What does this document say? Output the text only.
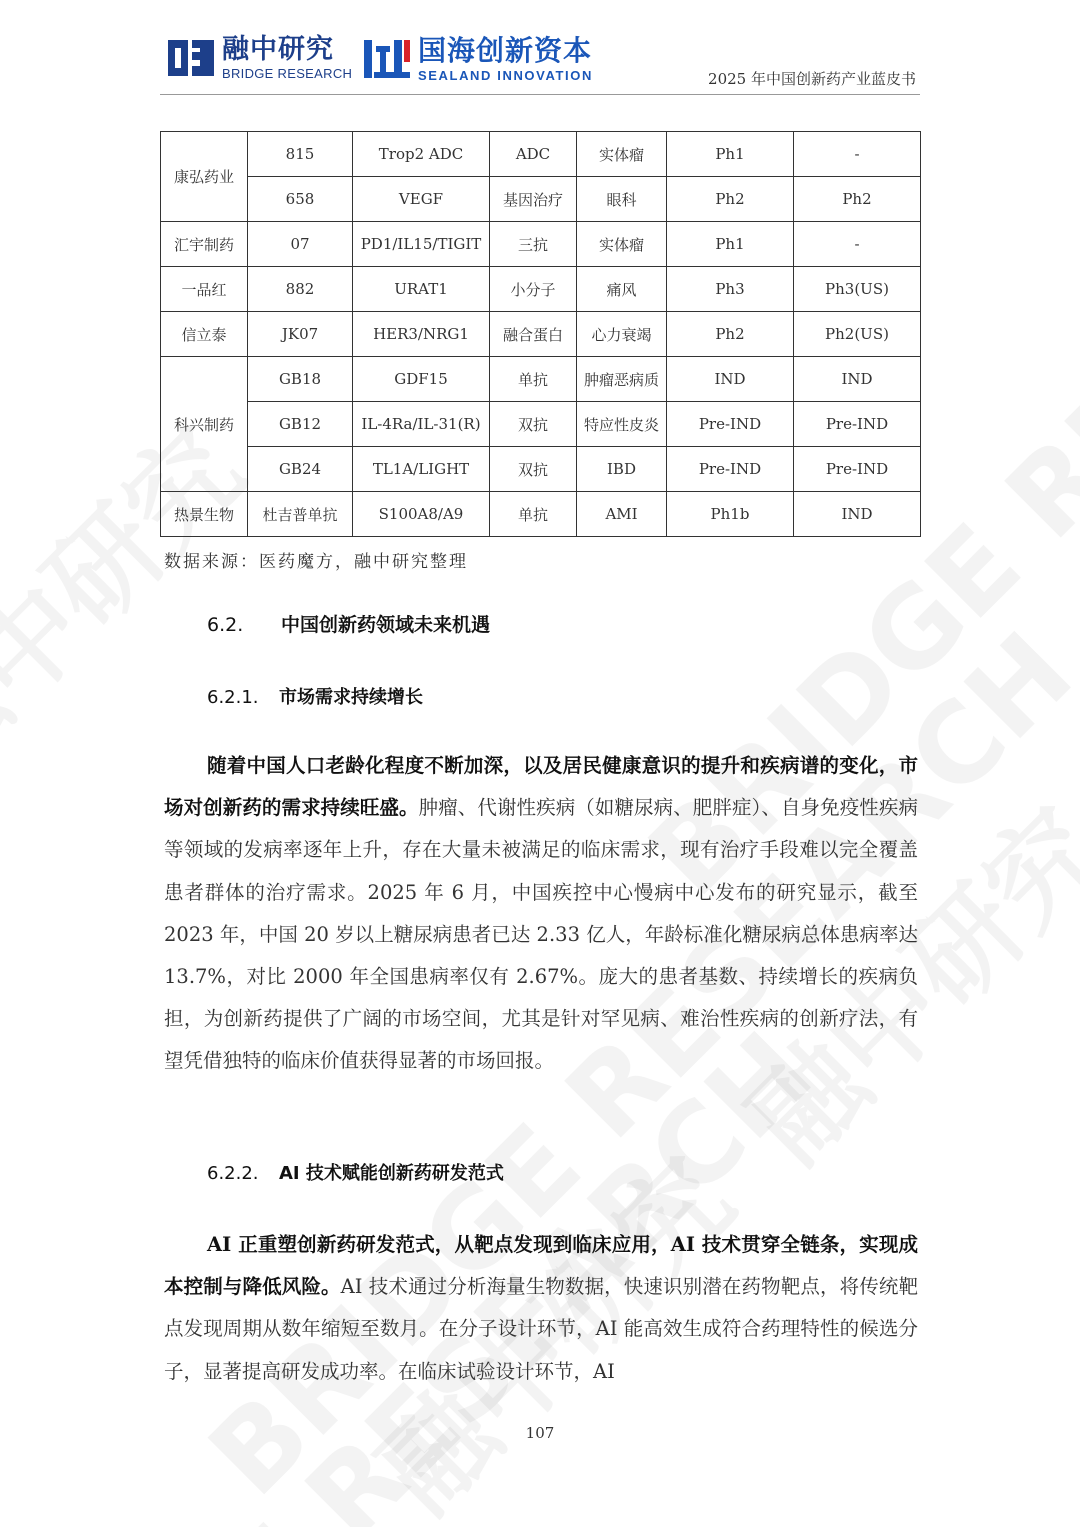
融中研究
BRIDGE RESEARCH
国海创新资本
SEALAND INNOVATION	2025 年中国创新药产业蓝皮书
康弘药业	815	Trop2 ADC	ADC	实体瘤	Ph1	-
	658	VEGF	基因治疗	眼科	Ph2	Ph2
汇宇制药	07	PD1/IL15/TIGIT	三抗	实体瘤	Ph1	-
一品红	882	URAT1	小分子	痛风	Ph3	Ph3(US)
信立泰	JK07	HER3/NRG1	融合蛋白	心力衰竭	Ph2	Ph2(US)
科兴制药	GB18	GDF15	单抗	肿瘤恶病质	IND	IND
	GB12	IL-4Ra/IL-31(R)	双抗	特应性皮炎	Pre-IND	Pre-IND
	GB24	TL1A/LIGHT	双抗	IBD	Pre-IND	Pre-IND
热景生物	杜吉普单抗	S100A8/A9	单抗	AMI	Ph1b	IND
数据来源：医药魔方，融中研究整理
6.2. 中国创新药领域未来机遇
6.2.1. 市场需求持续增长
随着中国人口老龄化程度不断加深，以及居民健康意识的提升和疾病谱的变化，市场对创新药的需求持续旺盛。肿瘤、代谢性疾病（如糖尿病、肥胖症）、自身免疫性疾病等领域的发病率逐年上升，存在大量未被满足的临床需求，现有治疗手段难以完全覆盖患者群体的治疗需求。2025 年 6 月，中国疾控中心慢病中心发布的研究显示，截至 2023 年，中国 20 岁以上糖尿病患者已达 2.33 亿人，年龄标准化糖尿病总体患病率达 13.7%，对比 2000 年全国患病率仅有 2.67%。庞大的患者基数、持续增长的疾病负担，为创新药提供了广阔的市场空间，尤其是针对罕见病、难治性疾病的创新疗法，有望凭借独特的临床价值获得显著的市场回报。
6.2.2. AI 技术赋能创新药研发范式
AI 正重塑创新药研发范式，从靶点发现到临床应用，AI 技术贯穿全链条，实现成本控制与降低风险。AI 技术通过分析海量生物数据，快速识别潜在药物靶点，将传统靶点发现周期从数年缩短至数月。在分子设计环节，AI 能高效生成符合药理特性的候选分子，显著提高研发成功率。在临床试验设计环节，AI
107
